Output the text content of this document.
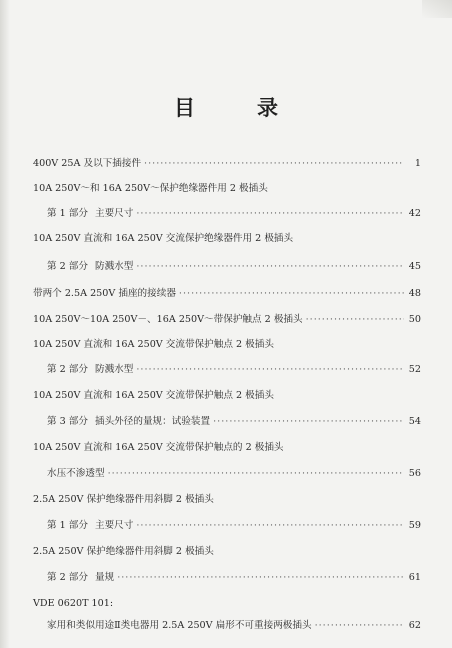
目	录
400V 25A 及以下插接件 ·····	1
10A 250V～和 16A 250V～保护绝缘器件用 2 极插头
第 1 部分 主要尺寸 ·····	42
10A 250V 直流和 16A 250V 交流保护绝缘器件用 2 极插头
第 2 部分 防溅水型 ·····	45
带两个 2.5A 250V 插座的接续器 ·····	48
10A 250V～10A 250V－、16A 250V～带保护触点 2 极插头 ·····	50
10A 250V 直流和 16A 250V 交流带保护触点 2 极插头
第 2 部分 防溅水型 ·····	52
10A 250V 直流和 16A 250V 交流带保护触点 2 极插头
第 3 部分 插头外径的量规：试验装置 ·····	54
10A 250V 直流和 16A 250V 交流带保护触点的 2 极插头
水压不渗透型 ·····	56
2.5A 250V 保护绝缘器件用斜脚 2 极插头
第 1 部分 主要尺寸 ·····	59
2.5A 250V 保护绝缘器件用斜脚 2 极插头
第 2 部分 量规 ·····	61
VDE 0620T 101:
家用和类似用途Ⅱ类电器用 2.5A 250V 扁形不可重接两极插头 ·····	62
